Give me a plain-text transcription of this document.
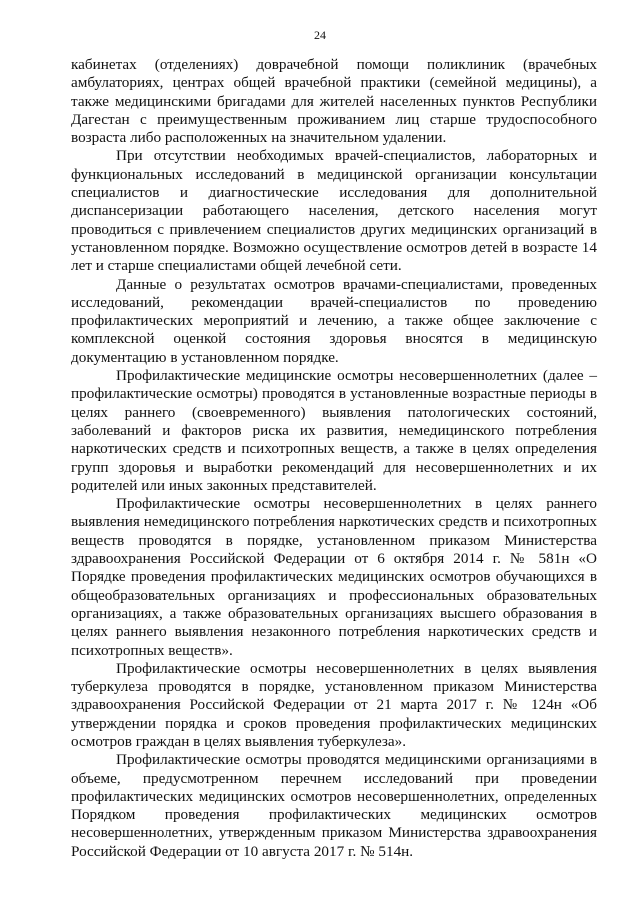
24

кабинетах (отделениях) доврачебной помощи поликлиник (врачебных амбулаториях, центрах общей врачебной практики (семейной медицины), а также медицинскими бригадами для жителей населенных пунктов Республики Дагестан с преимущественным проживанием лиц старше трудоспособного возраста либо расположенных на значительном удалении.

При отсутствии необходимых врачей-специалистов, лабораторных и функциональных исследований в медицинской организации консультации специалистов и диагностические исследования для дополнительной диспансеризации работающего населения, детского населения могут проводиться с привлечением специалистов других медицинских организаций в установленном порядке. Возможно осуществление осмотров детей в возрасте 14 лет и старше специалистами общей лечебной сети.

Данные о результатах осмотров врачами-специалистами, проведенных исследований, рекомендации врачей-специалистов по проведению профилактических мероприятий и лечению, а также общее заключение с комплексной оценкой состояния здоровья вносятся в медицинскую документацию в установленном порядке.

Профилактические медицинские осмотры несовершеннолетних (далее – профилактические осмотры) проводятся в установленные возрастные периоды в целях раннего (своевременного) выявления патологических состояний, заболеваний и факторов риска их развития, немедицинского потребления наркотических средств и психотропных веществ, а также в целях определения групп здоровья и выработки рекомендаций для несовершеннолетних и их родителей или иных законных представителей.

Профилактические осмотры несовершеннолетних в целях раннего выявления немедицинского потребления наркотических средств и психотропных веществ проводятся в порядке, установленном приказом Министерства здравоохранения Российской Федерации от 6 октября 2014 г. № 581н «О Порядке проведения профилактических медицинских осмотров обучающихся в общеобразовательных организациях и профессиональных образовательных организациях, а также образовательных организациях высшего образования в целях раннего выявления незаконного потребления наркотических средств и психотропных веществ».

Профилактические осмотры несовершеннолетних в целях выявления туберкулеза проводятся в порядке, установленном приказом Министерства здравоохранения Российской Федерации от 21 марта 2017 г. № 124н «Об утверждении порядка и сроков проведения профилактических медицинских осмотров граждан в целях выявления туберкулеза».

Профилактические осмотры проводятся медицинскими организациями в объеме, предусмотренном перечнем исследований при проведении профилактических медицинских осмотров несовершеннолетних, определенных Порядком проведения профилактических медицинских осмотров несовершеннолетних, утвержденным приказом Министерства здравоохранения Российской Федерации от 10 августа 2017 г. № 514н.
